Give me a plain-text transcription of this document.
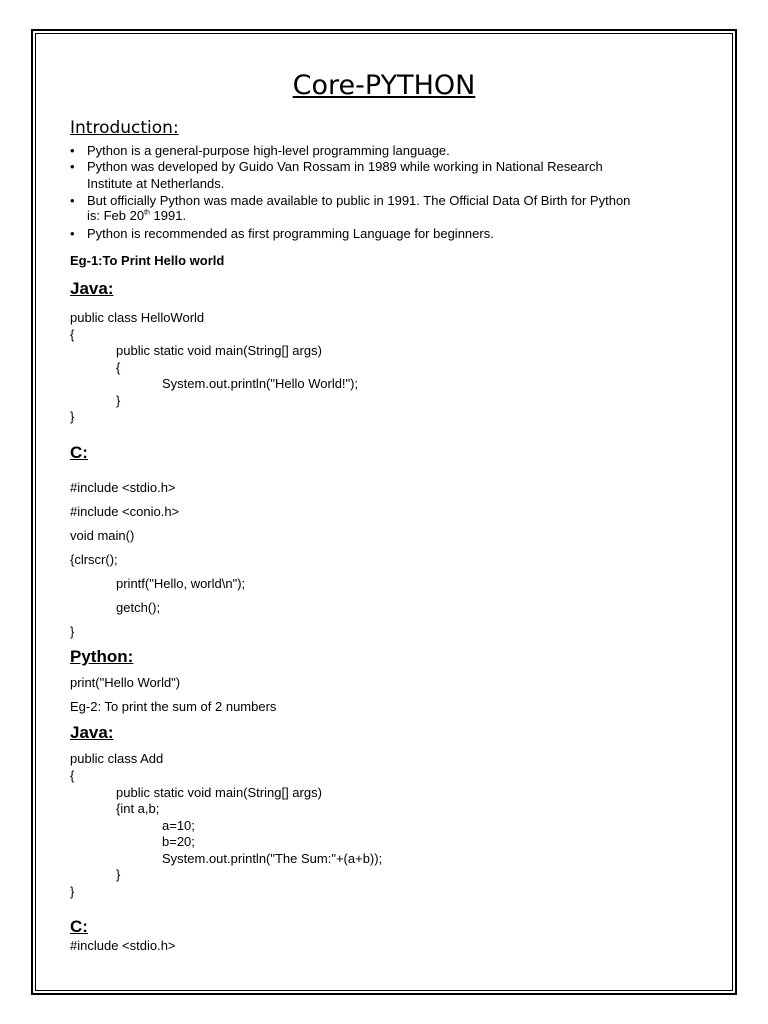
Core-PYTHON
Introduction:
• Python is a general-purpose high-level programming language.
• Python was developed by Guido Van Rossam in 1989 while working in National Research
Institute at Netherlands.
• But officially Python was made available to public in 1991. The Official Data Of Birth for Python
is: Feb 20th 1991.
• Python is recommended as first programming Language for beginners.
Eg-1:To Print Hello world
Java:
public class HelloWorld
{
public static void main(String[] args)
{
System.out.println("Hello World!");
}
}
C:
#include <stdio.h>
#include <conio.h>
void main()
{clrscr();
printf("Hello, world\n");
getch();
}
Python:
print("Hello World")
Eg-2: To print the sum of 2 numbers
Java:
public class Add
{
public static void main(String[] args)
{int a,b;
a=10;
b=20;
System.out.println("The Sum:"+(a+b));
}
}
C:
#include <stdio.h>
